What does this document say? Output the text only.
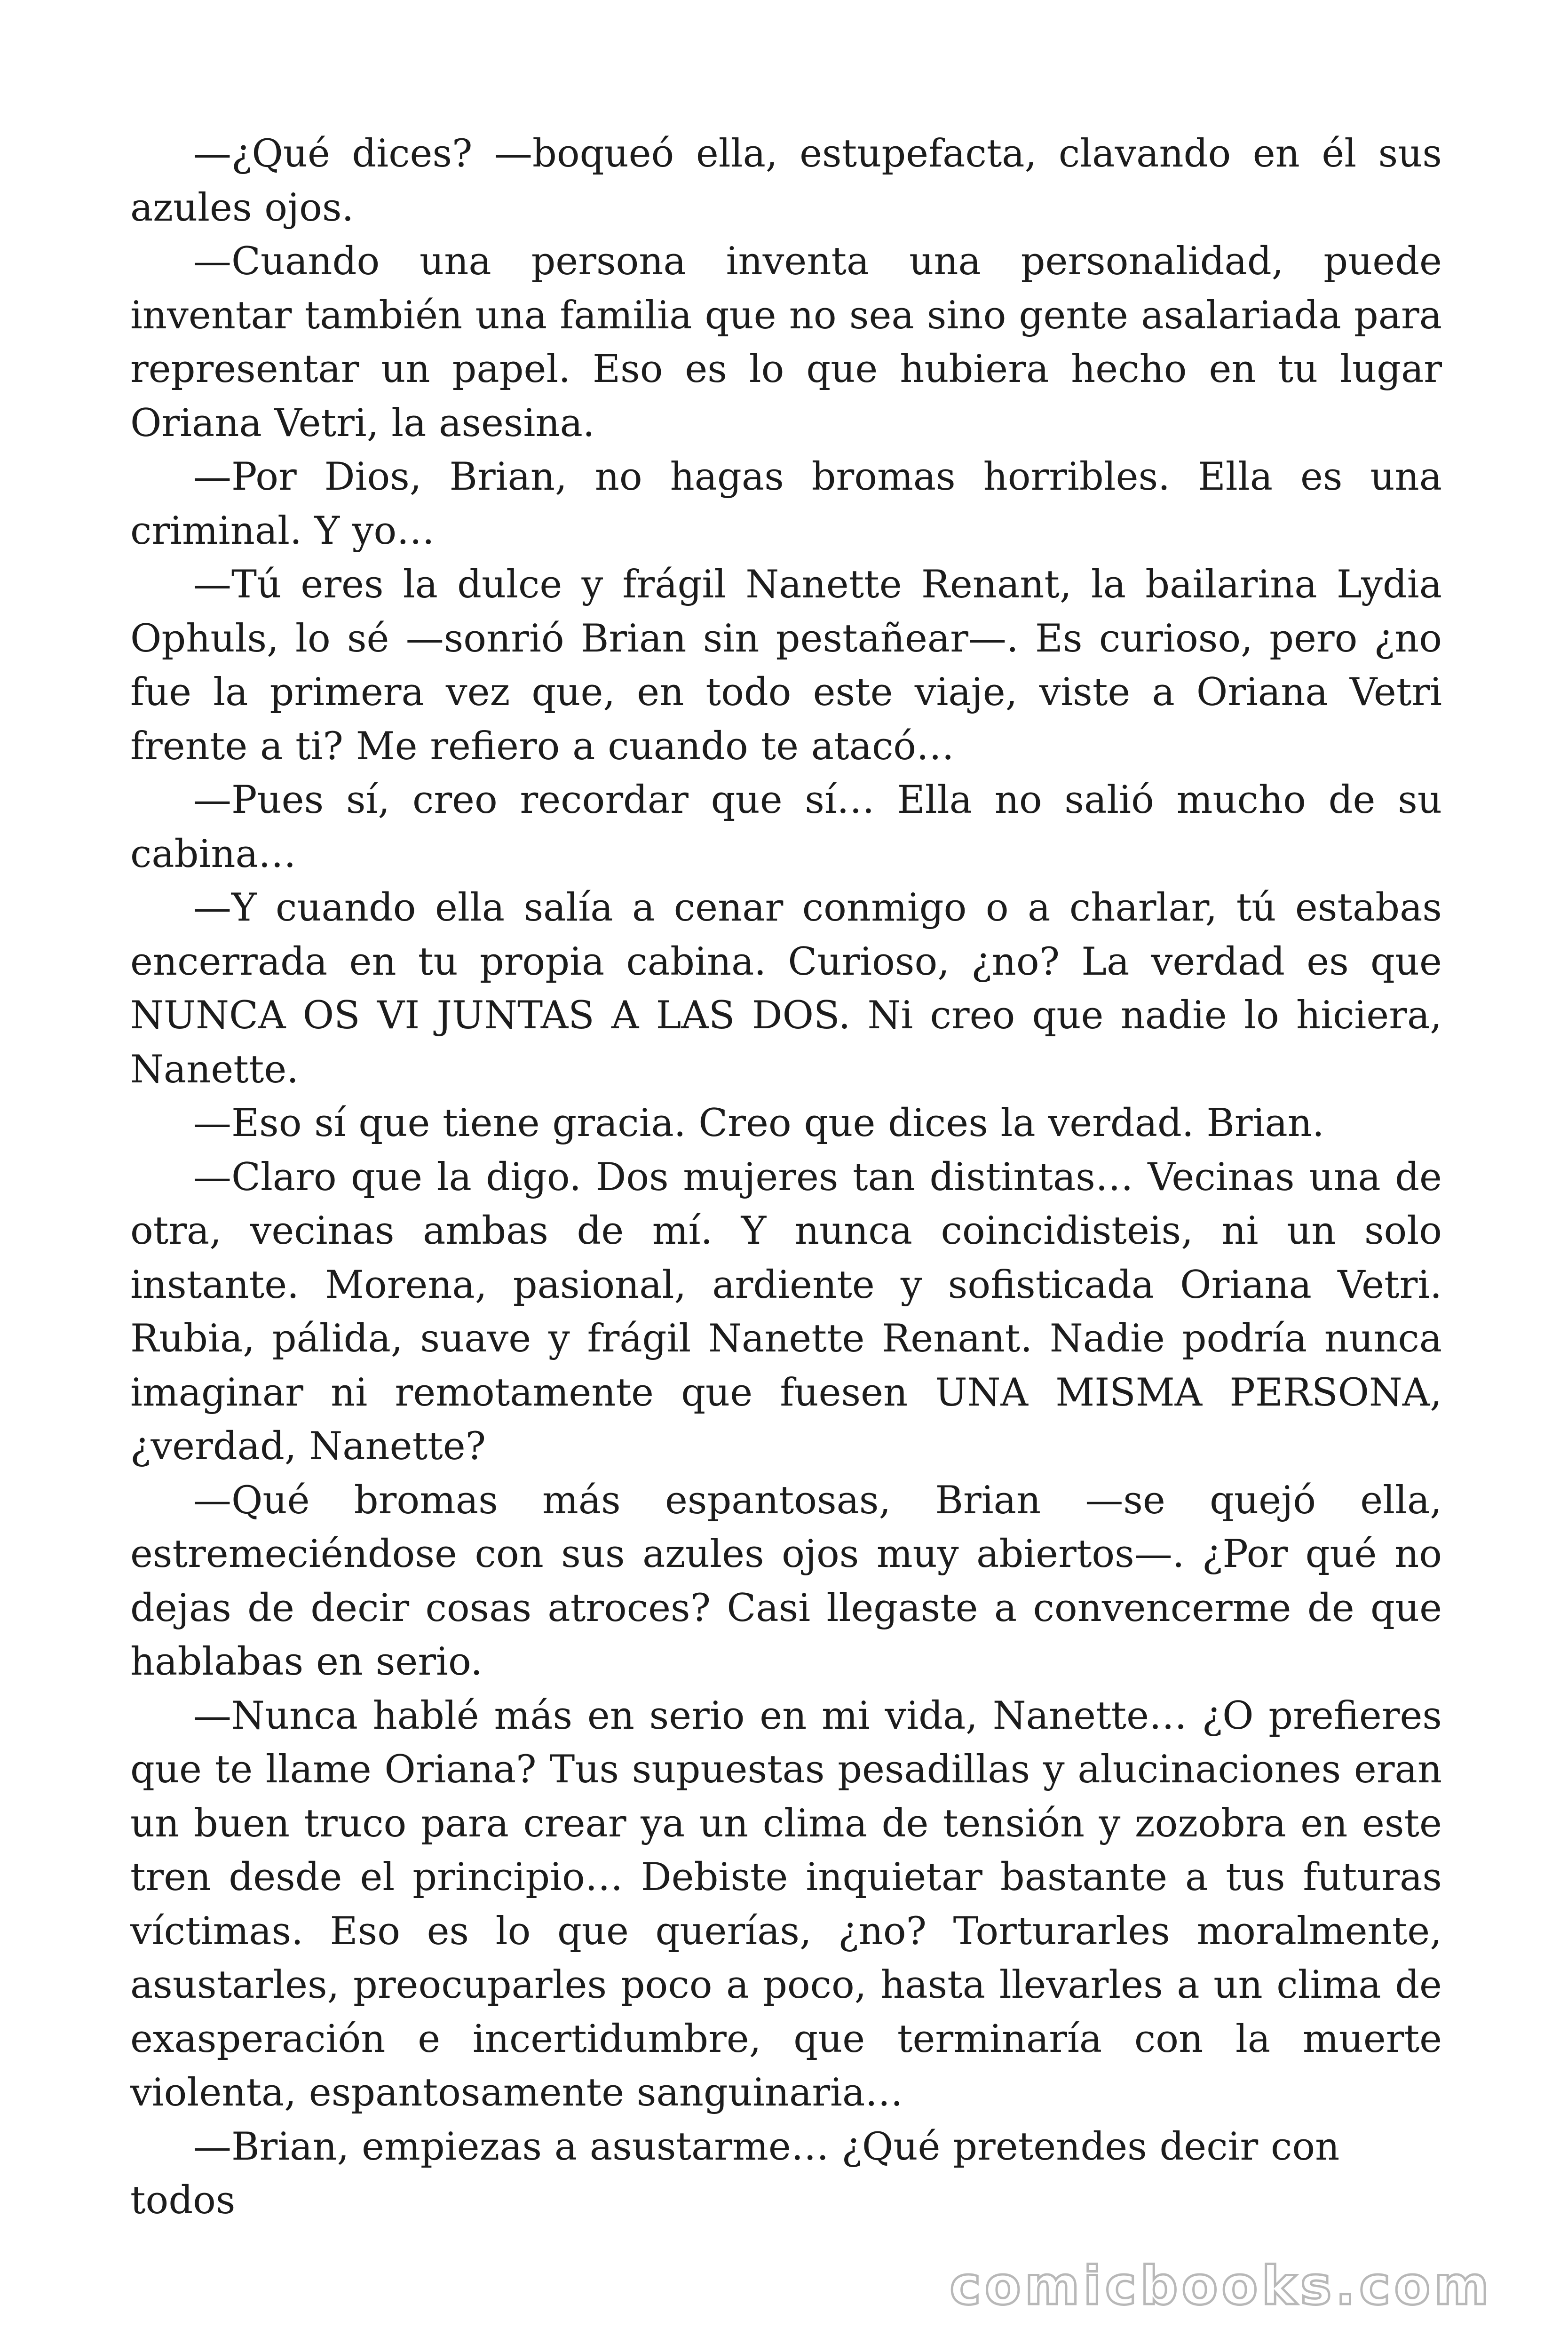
—¿Qué dices? —boqueó ella, estupefacta, clavando en él sus azules ojos.

—Cuando una persona inventa una personalidad, puede inventar también una familia que no sea sino gente asalariada para representar un papel. Eso es lo que hubiera hecho en tu lugar Oriana Vetri, la asesina.

—Por Dios, Brian, no hagas bromas horribles. Ella es una criminal. Y yo…

—Tú eres la dulce y frágil Nanette Renant, la bailarina Lydia Ophuls, lo sé —sonrió Brian sin pestañear—. Es curioso, pero ¿no fue la primera vez que, en todo este viaje, viste a Oriana Vetri frente a ti? Me refiero a cuando te atacó…

—Pues sí, creo recordar que sí… Ella no salió mucho de su cabina…

—Y cuando ella salía a cenar conmigo o a charlar, tú estabas encerrada en tu propia cabina. Curioso, ¿no? La verdad es que NUNCA OS VI JUNTAS A LAS DOS. Ni creo que nadie lo hiciera, Nanette.

—Eso sí que tiene gracia. Creo que dices la verdad. Brian.

—Claro que la digo. Dos mujeres tan distintas… Vecinas una de otra, vecinas ambas de mí. Y nunca coincidisteis, ni un solo instante. Morena, pasional, ardiente y sofisticada Oriana Vetri. Rubia, pálida, suave y frágil Nanette Renant. Nadie podría nunca imaginar ni remotamente que fuesen UNA MISMA PERSONA, ¿verdad, Nanette?

—Qué bromas más espantosas, Brian —se quejó ella, estremeciéndose con sus azules ojos muy abiertos—. ¿Por qué no dejas de decir cosas atroces? Casi llegaste a convencerme de que hablabas en serio.

—Nunca hablé más en serio en mi vida, Nanette… ¿O prefieres que te llame Oriana? Tus supuestas pesadillas y alucinaciones eran un buen truco para crear ya un clima de tensión y zozobra en este tren desde el principio… Debiste inquietar bastante a tus futuras víctimas. Eso es lo que querías, ¿no? Torturarles moralmente, asustarles, preocuparles poco a poco, hasta llevarles a un clima de exasperación e incertidumbre, que terminaría con la muerte violenta, espantosamente sanguinaria…

—Brian, empiezas a asustarme… ¿Qué pretendes decir con todos

comicbooks.com
